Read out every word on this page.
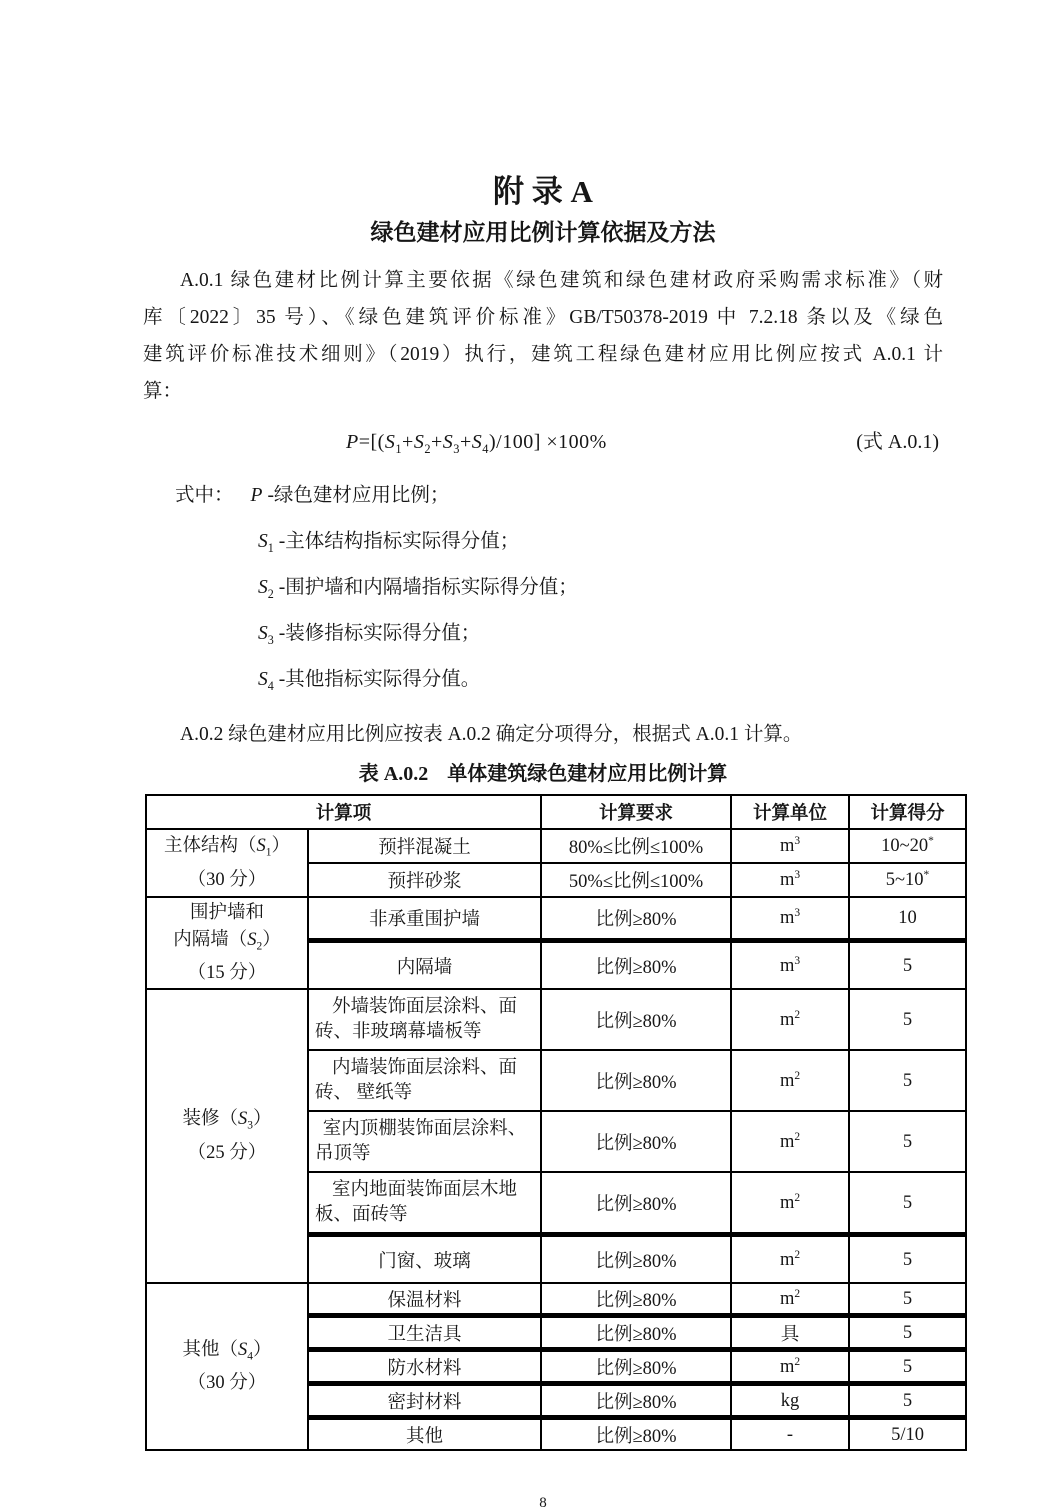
附 录 A
绿色建材应用比例计算依据及方法
A.0.1 绿色建材比例计算主要依据《绿色建筑和绿色建材政府采购需求标准》（财
库〔2022〕35 号）、《绿色建筑评价标准》GB/T50378-2019 中 7.2.18 条以及《绿色
建筑评价标准技术细则》（2019）执行，建筑工程绿色建材应用比例应按式 A.0.1 计
算：
$P=[(S_1+S_2+S_3+S_4)/100] \times 100\%$	(式 A.0.1)
式中： P -绿色建材应用比例；
$S_1$ -主体结构指标实际得分值；
$S_2$ -围护墙和内隔墙指标实际得分值；
$S_3$ -装修指标实际得分值；
$S_4$ -其他指标实际得分值。
A.0.2 绿色建材应用比例应按表 A.0.2 确定分项得分，根据式 A.0.1 计算。
表 A.0.2 单体建筑绿色建材应用比例计算
计算项		计算要求	计算单位	计算得分

主体结构$(S_1)$
（30 分）	预拌混凝土	80%≤比例≤100%	$m^3$	10~20*
	预拌砂浆	50%≤比例≤100%	$m^3$	5~10*

围护墙和
内隔墙$(S_2)$
（15 分）	非承重围护墙	比例≥80%	$m^3$	10
	内隔墙	比例≥80%	$m^3$	5

装修$(S_3)$
（25 分）	外墙装饰面层涂料、面砖、非玻璃幕墙板等	比例≥80%	$m^2$	5
	内墙装饰面层涂料、面砖、 壁纸等	比例≥80%	$m^2$	5
	室内顶棚装饰面层涂料、吊顶等	比例≥80%	$m^2$	5
	室内地面装饰面层木地板、面砖等	比例≥80%	$m^2$	5
	门窗、玻璃	比例≥80%	$m^2$	5

其他$(S_4)$
（30 分）	保温材料	比例≥80%	$m^2$	5
	卫生洁具	比例≥80%	具	5
	防水材料	比例≥80%	$m^2$	5
	密封材料	比例≥80%	kg	5
	其他	比例≥80%	-	5/10
8
